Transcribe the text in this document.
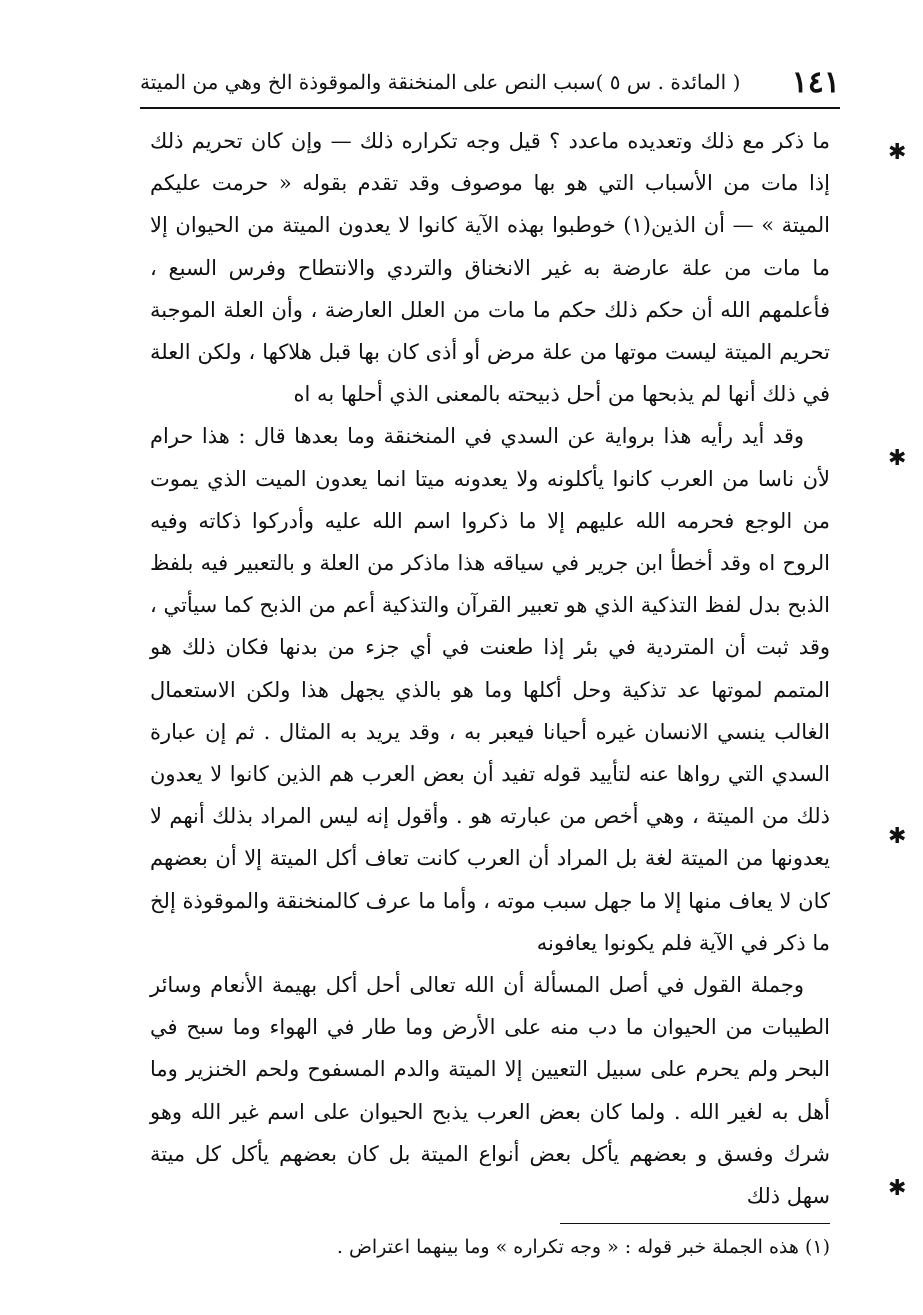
١٤١
( المائدة . س ٥ )سبب النص على المنخنقة والموقوذة الخ وهي من الميتة

ما ذكر مع ذلك وتعديده ماعدد ؟ قيل وجه تكراره ذلك — وإن كان تحريم ذلك إذا مات من الأسباب التي هو بها موصوف وقد تقدم بقوله « حرمت عليكم الميتة » — أن الذين(١) خوطبوا بهذه الآية كانوا لا يعدون الميتة من الحيوان إلا ما مات من علة عارضة به غير الانخناق والتردي والانتطاح وفرس السبع ، فأعلمهم الله أن حكم ذلك حكم ما مات من العلل العارضة ، وأن العلة الموجبة تحريم الميتة ليست موتها من علة مرض أو أذى كان بها قبل هلاكها ، ولكن العلة في ذلك أنها لم يذبحها من أحل ذبيحته بالمعنى الذي أحلها به اه

وقد أيد رأيه هذا برواية عن السدي في المنخنقة وما بعدها قال : هذا حرام لأن ناسا من العرب كانوا يأكلونه ولا يعدونه ميتا انما يعدون الميت الذي يموت من الوجع فحرمه الله عليهم إلا ما ذكروا اسم الله عليه وأدركوا ذكاته وفيه الروح اه وقد أخطأ ابن جرير في سياقه هذا ماذكر من العلة و بالتعبير فيه بلفظ الذبح بدل لفظ التذكية الذي هو تعبير القرآن والتذكية أعم من الذبح كما سيأتي ، وقد ثبت أن المتردية في بئر إذا طعنت في أي جزء من بدنها فكان ذلك هو المتمم لموتها عد تذكية وحل أكلها وما هو بالذي يجهل هذا ولكن الاستعمال الغالب ينسي الانسان غيره أحيانا فيعبر به ، وقد يريد به المثال . ثم إن عبارة السدي التي رواها عنه لتأييد قوله تفيد أن بعض العرب هم الذين كانوا لا يعدون ذلك من الميتة ، وهي أخص من عبارته هو . وأقول إنه ليس المراد بذلك أنهم لا يعدونها من الميتة لغة بل المراد أن العرب كانت تعاف أكل الميتة إلا أن بعضهم كان لا يعاف منها إلا ما جهل سبب موته ، وأما ما عرف كالمنخنقة والموقوذة إلخ ما ذكر في الآية فلم يكونوا يعافونه

وجملة القول في أصل المسألة أن الله تعالى أحل أكل بهيمة الأنعام وسائر الطيبات من الحيوان ما دب منه على الأرض وما طار في الهواء وما سبح في البحر ولم يحرم على سبيل التعيين إلا الميتة والدم المسفوح ولحم الخنزير وما أهل به لغير الله . ولما كان بعض العرب يذبح الحيوان على اسم غير الله وهو شرك وفسق و بعضهم يأكل بعض أنواع الميتة بل كان بعضهم يأكل كل ميتة سهل ذلك

(١) هذه الجملة خبر قوله : « وجه تكراره » وما بينهما اعتراض .
✱
✱
✱
✱
